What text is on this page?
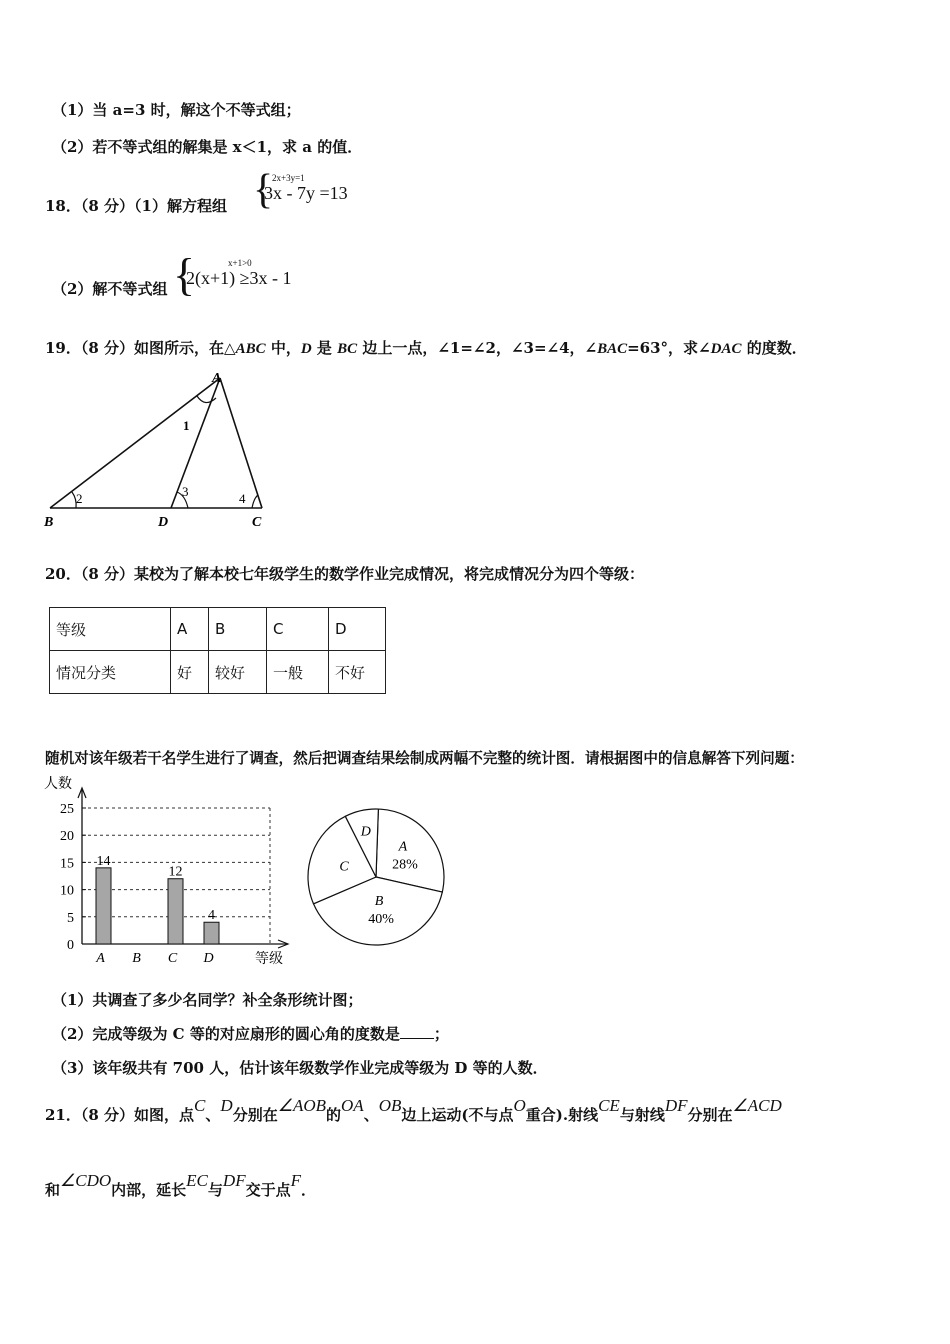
（1）当 a=3 时，解这个不等式组；
（2）若不等式组的解集是 x＜1，求 a 的值．
18．（8 分）（1）解方程组 {
2x+3y=1
3x - 7y =13
（2）解不等式组 {	x+1>0
2(x+1) ≥3x - 1
19．（8 分）如图所示，在△ABC 中，D 是 BC 边上一点，∠1=∠2，∠3=∠4，∠BAC=63°，求∠DAC 的度数．
A
B	C
D
1
2	3	4
20．（8 分）某校为了解本校七年级学生的数学作业完成情况，将完成情况分为四个等级：
等级	A	B	C	D
情况分类	好	较好	一般	不好
随机对该年级若干名学生进行了调查，然后把调查结果绘制成两幅不完整的统计图．请根据图中的信息解答下列问题：
人数
等级
0
5
10
15
20
25
14
A B
12
C
4
D
A
28%
B
40%
C
D
（1）共调查了多少名同学？补全条形统计图；
（2）完成等级为 C 等的对应扇形的圆心角的度数是 ；
（3）该年级共有 700 人，估计该年级数学作业完成等级为 D 等的人数．
21．（8 分）如图，点C、D分别在∠AOB的OA、OB边上运动(不与点O重合).射线CE与射线DF分别在∠ACD
和∠CDO内部，延长EC与DF交于点F．
